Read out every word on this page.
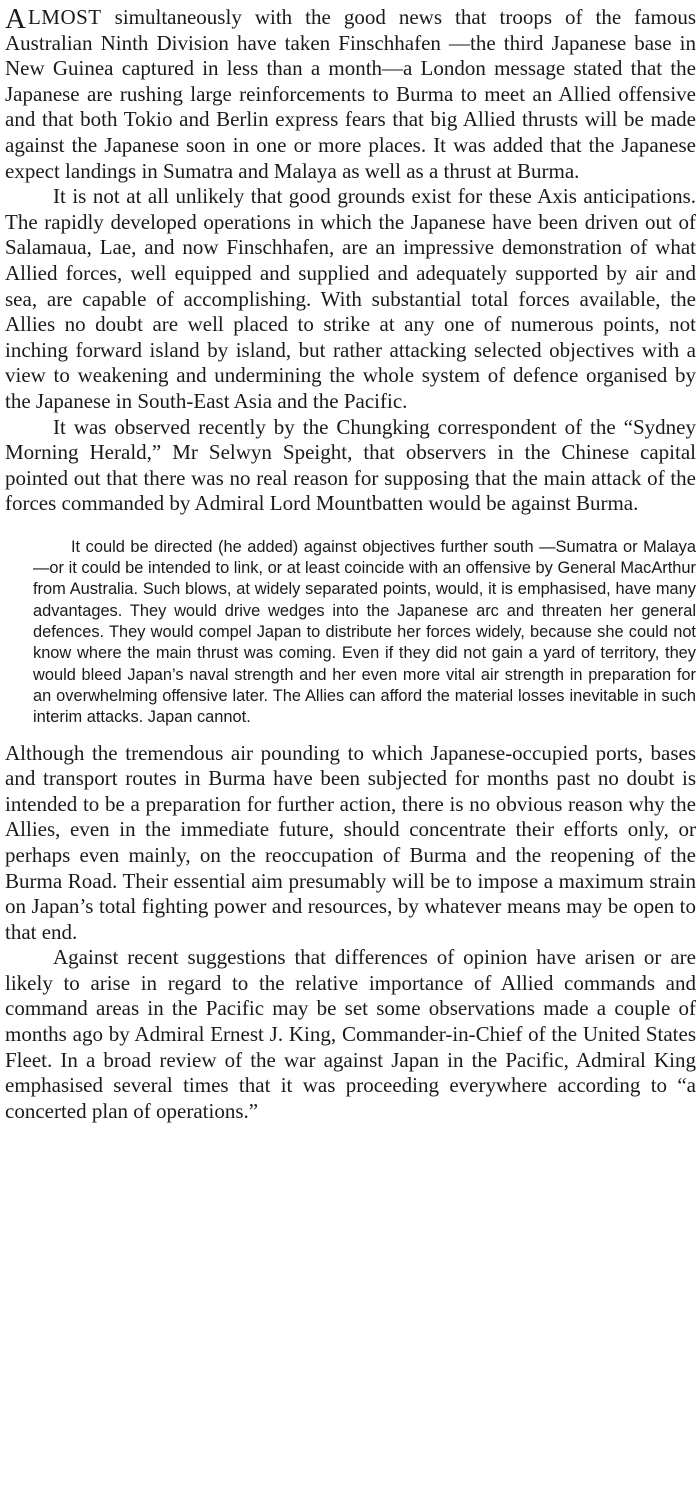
A LMOST simultaneously with the good news that troops of the famous Australian Ninth Division have taken Finschhafen —the third Japanese base in New Guinea captured in less than a month—a London message stated that the Japanese are rushing large reinforcements to Burma to meet an Allied offensive and that both Tokio and Berlin express fears that big Allied thrusts will be made against the Japanese soon in one or more places. It was added that the Japanese expect landings in Sumatra and Malaya as well as a thrust at Burma.

It is not at all unlikely that good grounds exist for these Axis anticipations. The rapidly developed operations in which the Japanese have been driven out of Salamaua, Lae, and now Finschhafen, are an impressive demonstration of what Allied forces, well equipped and supplied and adequately supported by air and sea, are capable of accomplishing. With substantial total forces available, the Allies no doubt are well placed to strike at any one of numerous points, not inching forward island by island, but rather attacking selected objectives with a view to weakening and undermining the whole system of defence organised by the Japanese in South-East Asia and the Pacific.

It was observed recently by the Chungking correspondent of the “Sydney Morning Herald,” Mr Selwyn Speight, that observers in the Chinese capital pointed out that there was no real reason for supposing that the main attack of the forces commanded by Admiral Lord Mountbatten would be against Burma.

It could be directed (he added) against objectives further south —Sumatra or Malaya—or it could be intended to link, or at least coincide with an offensive by General MacArthur from Australia. Such blows, at widely separated points, would, it is emphasised, have many advantages. They would drive wedges into the Japanese arc and threaten her general defences. They would compel Japan to distribute her forces widely, because she could not know where the main thrust was coming. Even if they did not gain a yard of territory, they would bleed Japan’s naval strength and her even more vital air strength in preparation for an overwhelming offensive later. The Allies can afford the material losses inevitable in such interim attacks. Japan cannot.

Although the tremendous air pounding to which Japanese-occupied ports, bases and transport routes in Burma have been subjected for months past no doubt is intended to be a preparation for further action, there is no obvious reason why the Allies, even in the immediate future, should concentrate their efforts only, or perhaps even mainly, on the reoccupation of Burma and the reopening of the Burma Road. Their essential aim presumably will be to impose a maximum strain on Japan’s total fighting power and resources, by whatever means may be open to that end.

Against recent suggestions that differences of opinion have arisen or are likely to arise in regard to the relative importance of Allied commands and command areas in the Pacific may be set some observations made a couple of months ago by Admiral Ernest J. King, Commander-in-Chief of the United States Fleet. In a broad review of the war against Japan in the Pacific, Admiral King emphasised several times that it was proceeding everywhere according to “a concerted plan of operations.”
